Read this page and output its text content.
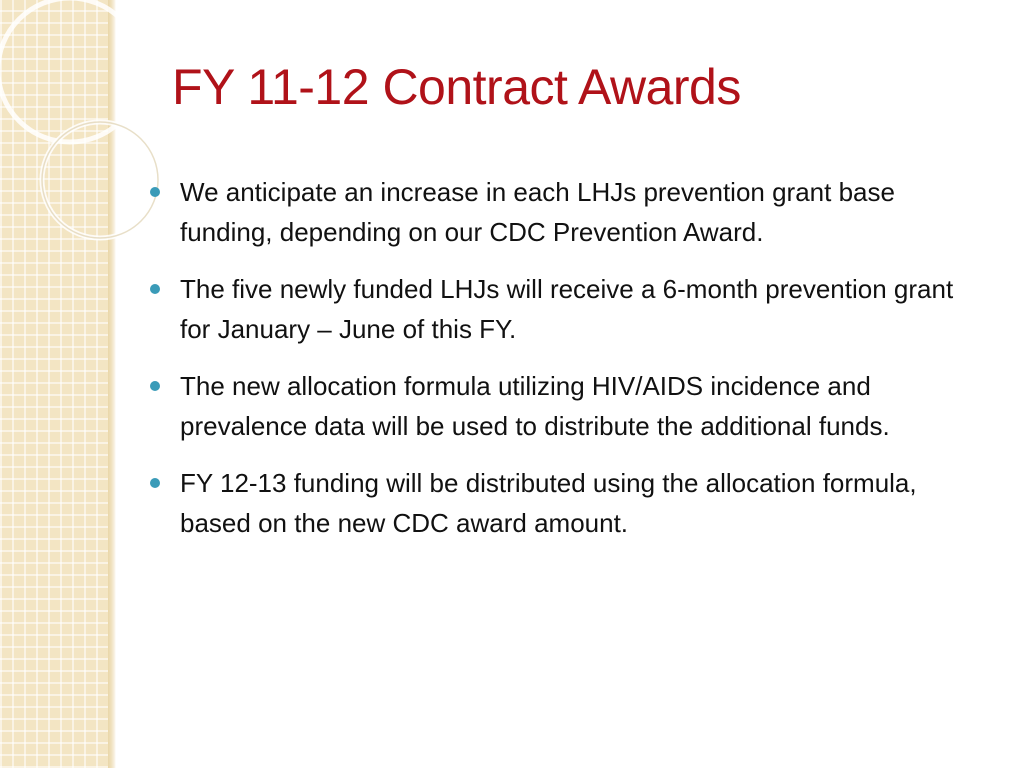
FY 11-12 Contract Awards
We anticipate an increase in each LHJs prevention grant base funding, depending on our CDC Prevention Award.
The five newly funded LHJs will receive a 6-month prevention grant for January – June of this FY.
The new allocation formula utilizing HIV/AIDS incidence and prevalence data will be used to distribute the additional funds.
FY 12-13 funding will be distributed using the allocation formula, based on the new CDC award amount.
